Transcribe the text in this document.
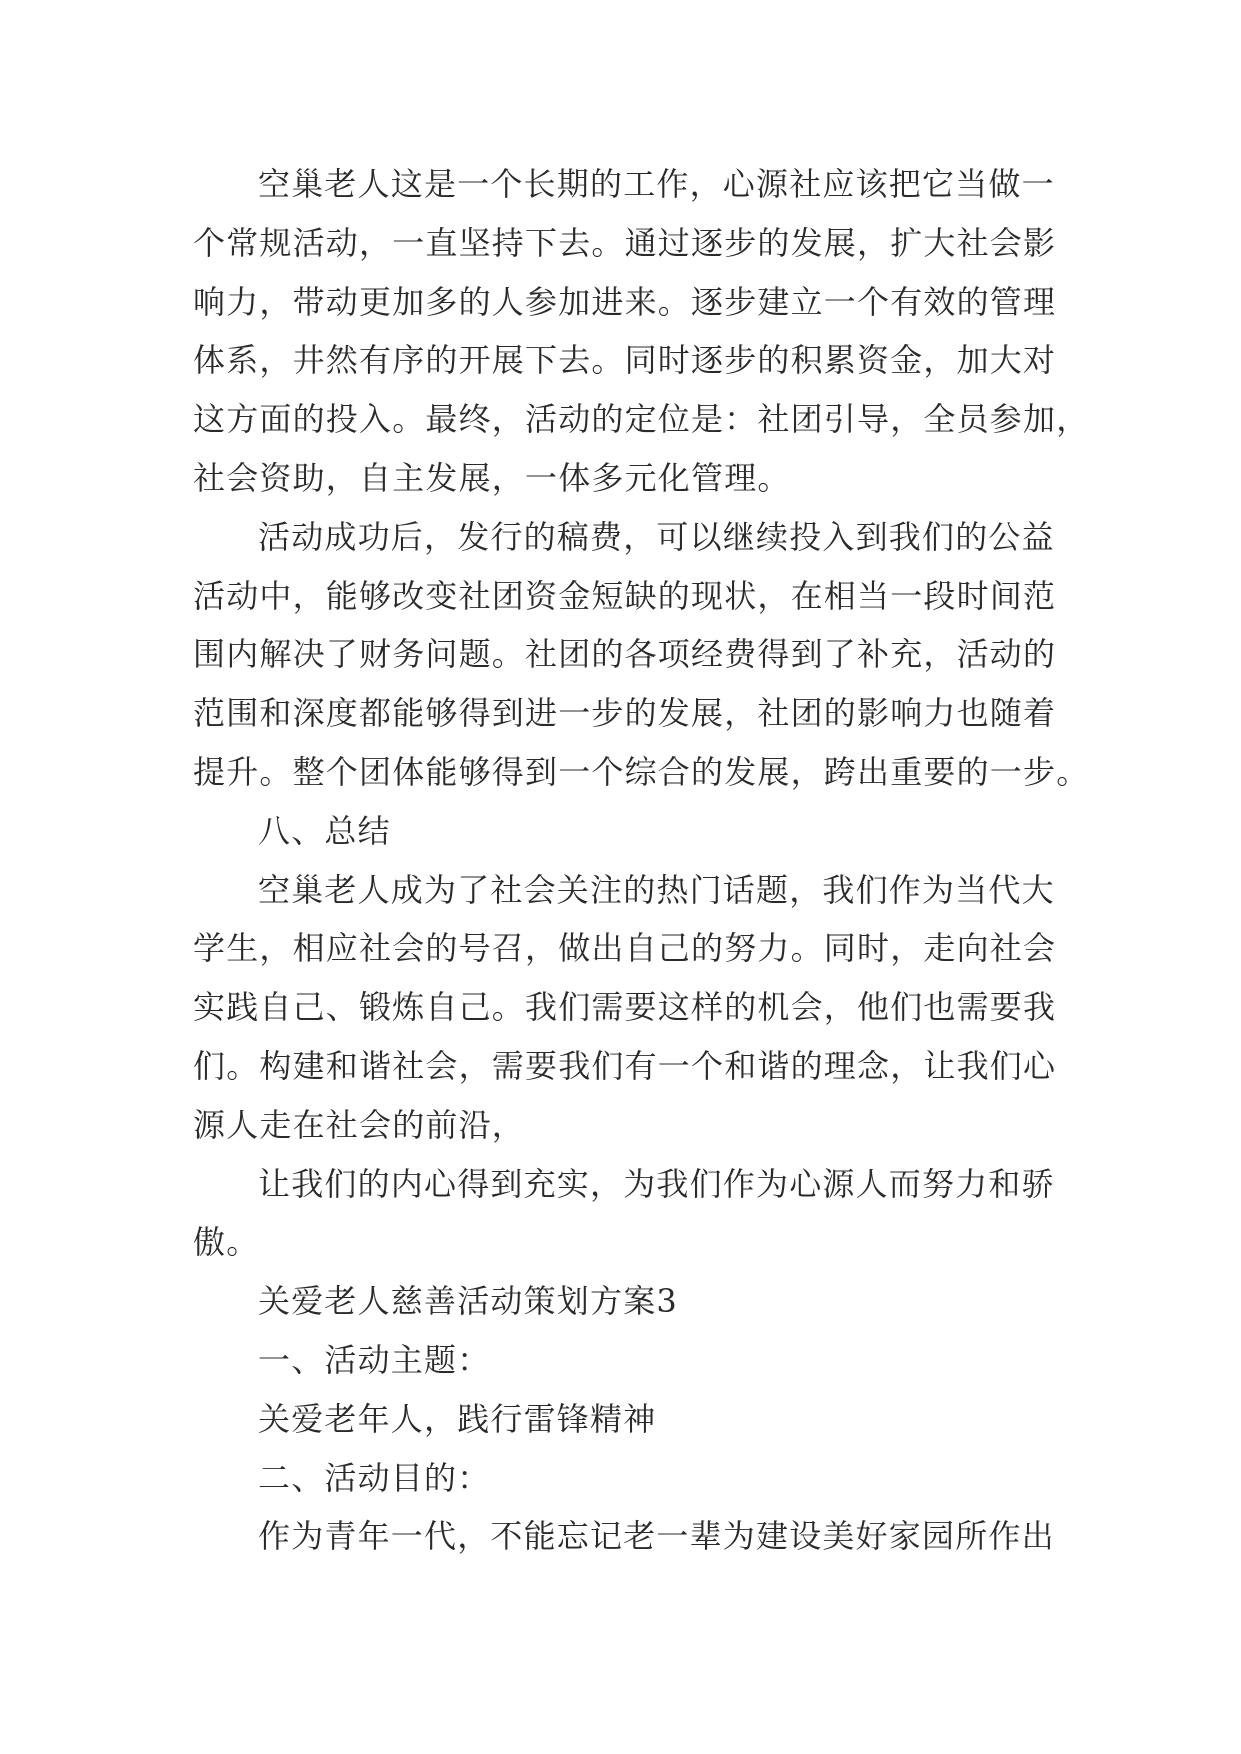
空巢老人这是一个长期的工作，心源社应该把它当做一
个常规活动，一直坚持下去。通过逐步的发展，扩大社会影
响力，带动更加多的人参加进来。逐步建立一个有效的管理
体系，井然有序的开展下去。同时逐步的积累资金，加大对
这方面的投入。最终，活动的定位是：社团引导，全员参加，
社会资助，自主发展，一体多元化管理。
活动成功后，发行的稿费，可以继续投入到我们的公益
活动中，能够改变社团资金短缺的现状，在相当一段时间范
围内解决了财务问题。社团的各项经费得到了补充，活动的
范围和深度都能够得到进一步的发展，社团的影响力也随着
提升。整个团体能够得到一个综合的发展，跨出重要的一步。
八、总结
空巢老人成为了社会关注的热门话题，我们作为当代大
学生，相应社会的号召，做出自己的努力。同时，走向社会
实践自己、锻炼自己。我们需要这样的机会，他们也需要我
们。构建和谐社会，需要我们有一个和谐的理念，让我们心
源人走在社会的前沿，
让我们的内心得到充实，为我们作为心源人而努力和骄
傲。
关爱老人慈善活动策划方案3
一、活动主题：
关爱老年人，践行雷锋精神
二、活动目的：
作为青年一代，不能忘记老一辈为建设美好家园所作出
